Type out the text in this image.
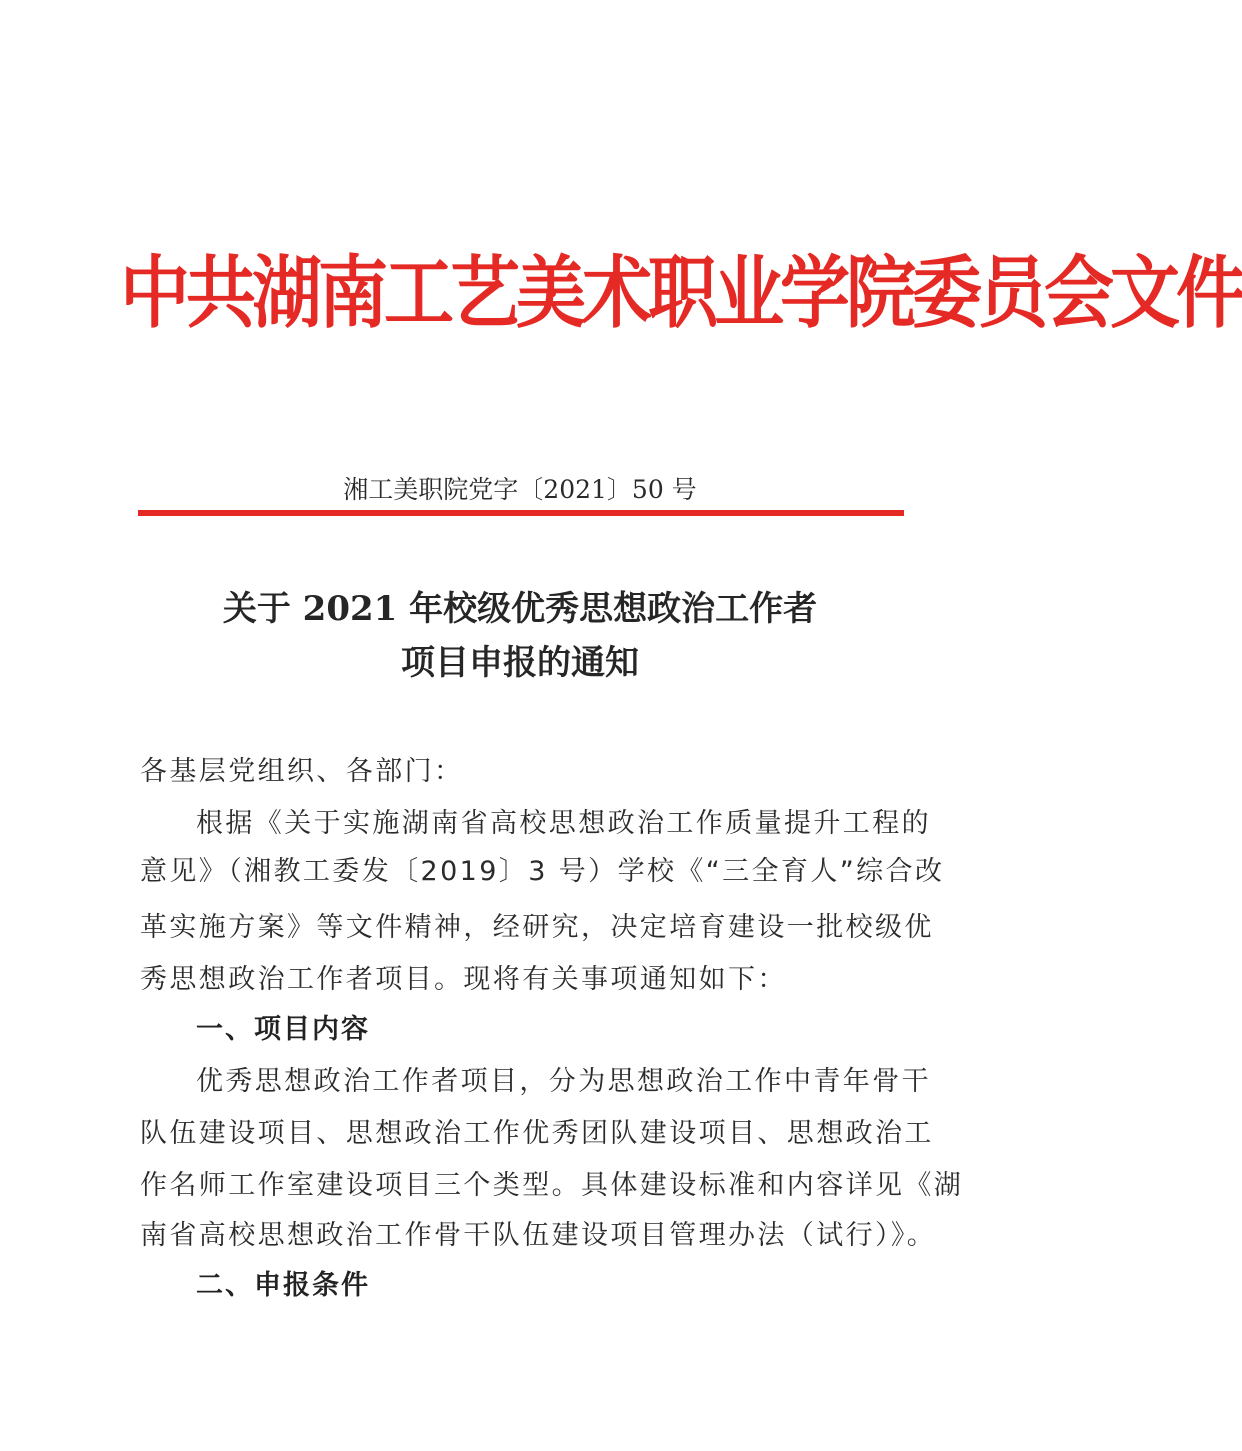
中共湖南工艺美术职业学院委员会文件
湘工美职院党字〔2021〕50 号
关于 2021 年校级优秀思想政治工作者
项目申报的通知
各基层党组织、各部门：
根据《关于实施湖南省高校思想政治工作质量提升工程的
意见》（湘教工委发〔2019〕3 号）学校《“三全育人”综合改
革实施方案》等文件精神，经研究，决定培育建设一批校级优
秀思想政治工作者项目。现将有关事项通知如下：
一、项目内容
优秀思想政治工作者项目，分为思想政治工作中青年骨干
队伍建设项目、思想政治工作优秀团队建设项目、思想政治工
作名师工作室建设项目三个类型。具体建设标准和内容详见《湖
南省高校思想政治工作骨干队伍建设项目管理办法（试行）》。
二、申报条件
